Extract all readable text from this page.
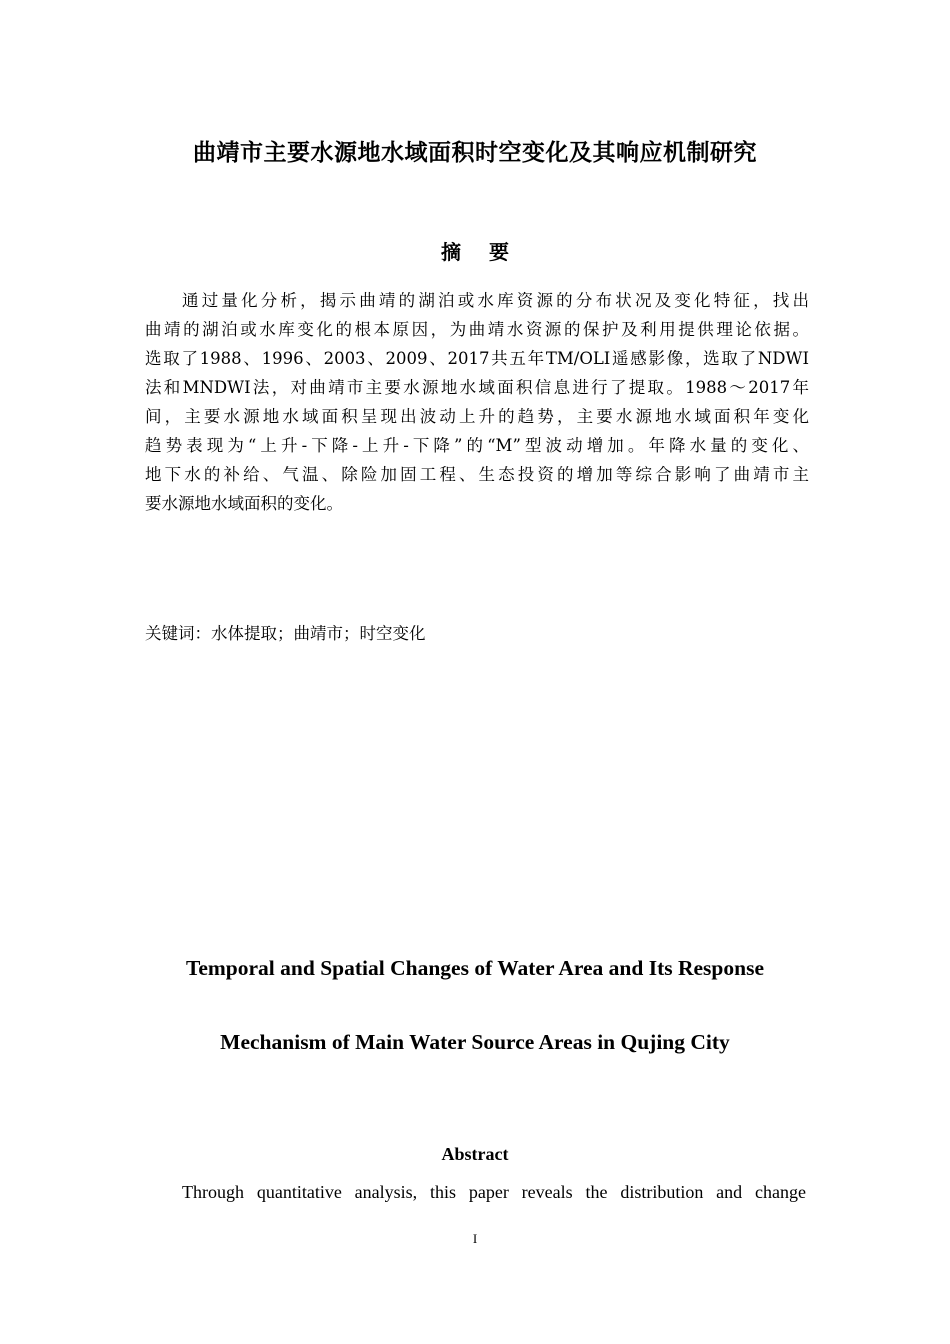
曲靖市主要水源地水域面积时空变化及其响应机制研究
摘 要
通过量化分析，揭示曲靖的湖泊或水库资源的分布状况及变化特征，找出
曲靖的湖泊或水库变化的根本原因，为曲靖水资源的保护及利用提供理论依据。
选取了1988、1996、2003、2009、2017共五年TM/OLI遥感影像，选取了NDWI
法和MNDWI法，对曲靖市主要水源地水域面积信息进行了提取。1988～2017年
间，主要水源地水域面积呈现出波动上升的趋势，主要水源地水域面积年变化
趋势表现为“上升-下降-上升-下降”的“M”型波动增加。年降水量的变化、
地下水的补给、气温、除险加固工程、生态投资的增加等综合影响了曲靖市主
要水源地水域面积的变化。
关键词：水体提取；曲靖市；时空变化
Temporal and Spatial Changes of Water Area and Its Response
Mechanism of Main Water Source Areas in Qujing City
Abstract
Through quantitative analysis, this paper reveals the distribution and change
I
